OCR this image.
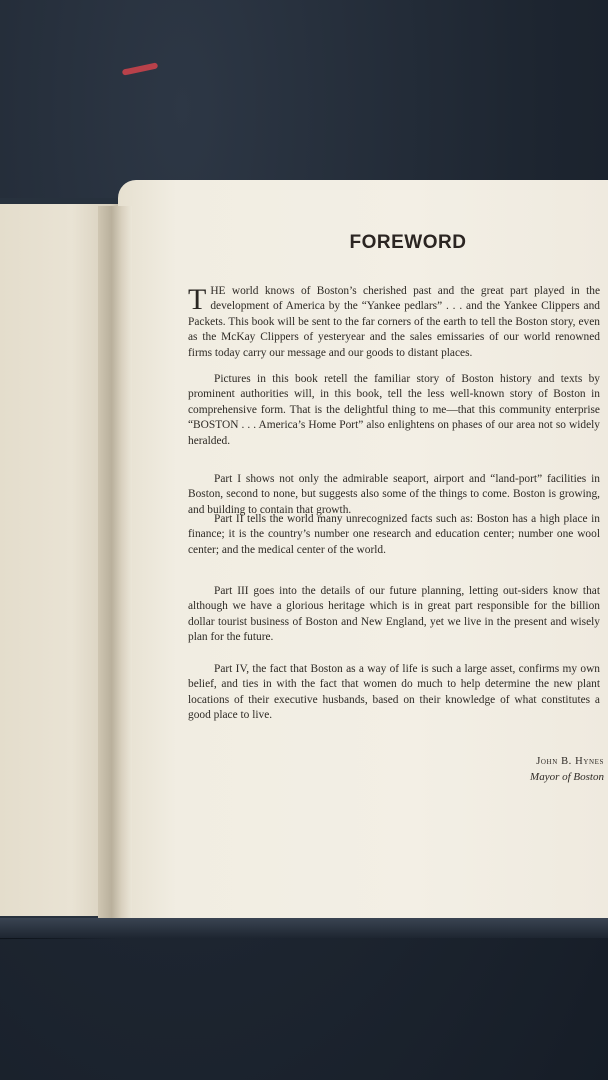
FOREWORD

THE world knows of Boston’s cherished past and the great part played in the development of America by the “Yankee pedlars” . . . and the Yankee Clippers and Packets. This book will be sent to the far corners of the earth to tell the Boston story, even as the McKay Clippers of yesteryear and the sales emissaries of our world renowned firms today carry our message and our goods to distant places.

Pictures in this book retell the familiar story of Boston history and texts by prominent authorities will, in this book, tell the less well-known story of Boston in comprehensive form. That is the delightful thing to me—that this community enterprise “BOSTON . . . America’s Home Port” also enlightens on phases of our area not so widely heralded.

Part I shows not only the admirable seaport, airport and “land-port” facilities in Boston, second to none, but suggests also some of the things to come. Boston is growing, and building to contain that growth.

Part II tells the world many unrecognized facts such as: Boston has a high place in finance; it is the country’s number one research and education center; number one wool center; and the medical center of the world.

Part III goes into the details of our future planning, letting out-siders know that although we have a glorious heritage which is in great part responsible for the billion dollar tourist business of Boston and New England, yet we live in the present and wisely plan for the future.

Part IV, the fact that Boston as a way of life is such a large asset, confirms my own belief, and ties in with the fact that women do much to help determine the new plant locations of their executive husbands, based on their knowledge of what constitutes a good place to live.

John B. Hynes
Mayor of Boston
